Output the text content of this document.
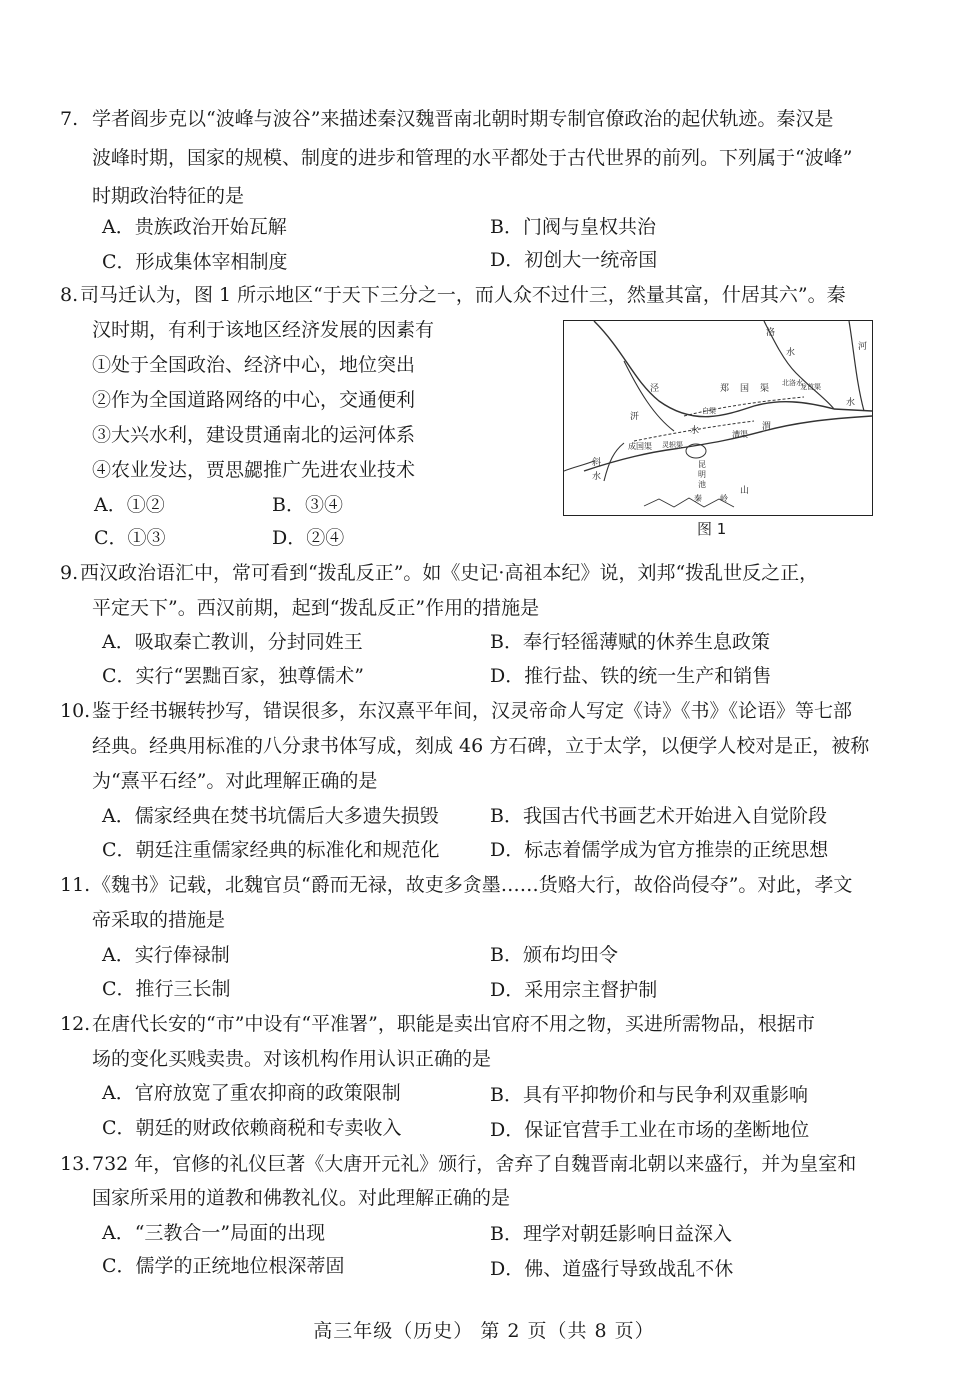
7. 学者阎步克以“波峰与波谷”来描述秦汉魏晋南北朝时期专制官僚政治的起伏轨迹。秦汉是
波峰时期，国家的规模、制度的进步和管理的水平都处于古代世界的前列。下列属于“波峰”
时期政治特征的是
A．贵族政治开始瓦解	B．门阀与皇权共治
C．形成集体宰相制度	D．初创大一统帝国
8. 司马迁认为，图 1 所示地区“于天下三分之一，而人众不过什三，然量其富，什居其六”。秦
汉时期，有利于该地区经济发展的因素有
①处于全国政治、经济中心，地位突出
②作为全国道路网络的中心，交通便利
③大兴水利，建设贯通南北的运河体系
④农业发达，贾思勰推广先进农业技术
A．①②	B．③④
C．①③	D．②④
洛
水
河
北洛水
龙首渠
泾	郑 国 渠
白渠
渭
汧
水
成国渠 灵轵渠
漕渠
斜
水
昆
明
池
秦 岭
山
水
图 1
9. 西汉政治语汇中，常可看到“拨乱反正”。如《史记·高祖本纪》说，刘邦“拨乱世反之正，
平定天下”。西汉前期，起到“拨乱反正”作用的措施是
A．吸取秦亡教训，分封同姓王	B．奉行轻徭薄赋的休养生息政策
C．实行“罢黜百家，独尊儒术”	D．推行盐、铁的统一生产和销售
10. 鉴于经书辗转抄写，错误很多，东汉熹平年间，汉灵帝命人写定《诗》《书》《论语》等七部
经典。经典用标准的八分隶书体写成，刻成 46 方石碑，立于太学，以便学人校对是正，被称
为“熹平石经”。对此理解正确的是
A．儒家经典在焚书坑儒后大多遗失损毁	B．我国古代书画艺术开始进入自觉阶段
C．朝廷注重儒家经典的标准化和规范化	D．标志着儒学成为官方推崇的正统思想
11. 《魏书》记载，北魏官员“爵而无禄，故吏多贪墨……货赂大行，故俗尚侵夺”。对此，孝文
帝采取的措施是
A．实行俸禄制	B．颁布均田令
C．推行三长制	D．采用宗主督护制
12. 在唐代长安的“市”中设有“平准署”，职能是卖出官府不用之物，买进所需物品，根据市
场的变化买贱卖贵。对该机构作用认识正确的是
A．官府放宽了重农抑商的政策限制	B．具有平抑物价和与民争利双重影响
C．朝廷的财政依赖商税和专卖收入	D．保证官营手工业在市场的垄断地位
13. 732 年，官修的礼仪巨著《大唐开元礼》颁行，舍弃了自魏晋南北朝以来盛行，并为皇室和
国家所采用的道教和佛教礼仪。对此理解正确的是
A．“三教合一”局面的出现	B．理学对朝廷影响日益深入
C．儒学的正统地位根深蒂固	D．佛、道盛行导致战乱不休
高三年级（历史） 第 2 页（共 8 页）
